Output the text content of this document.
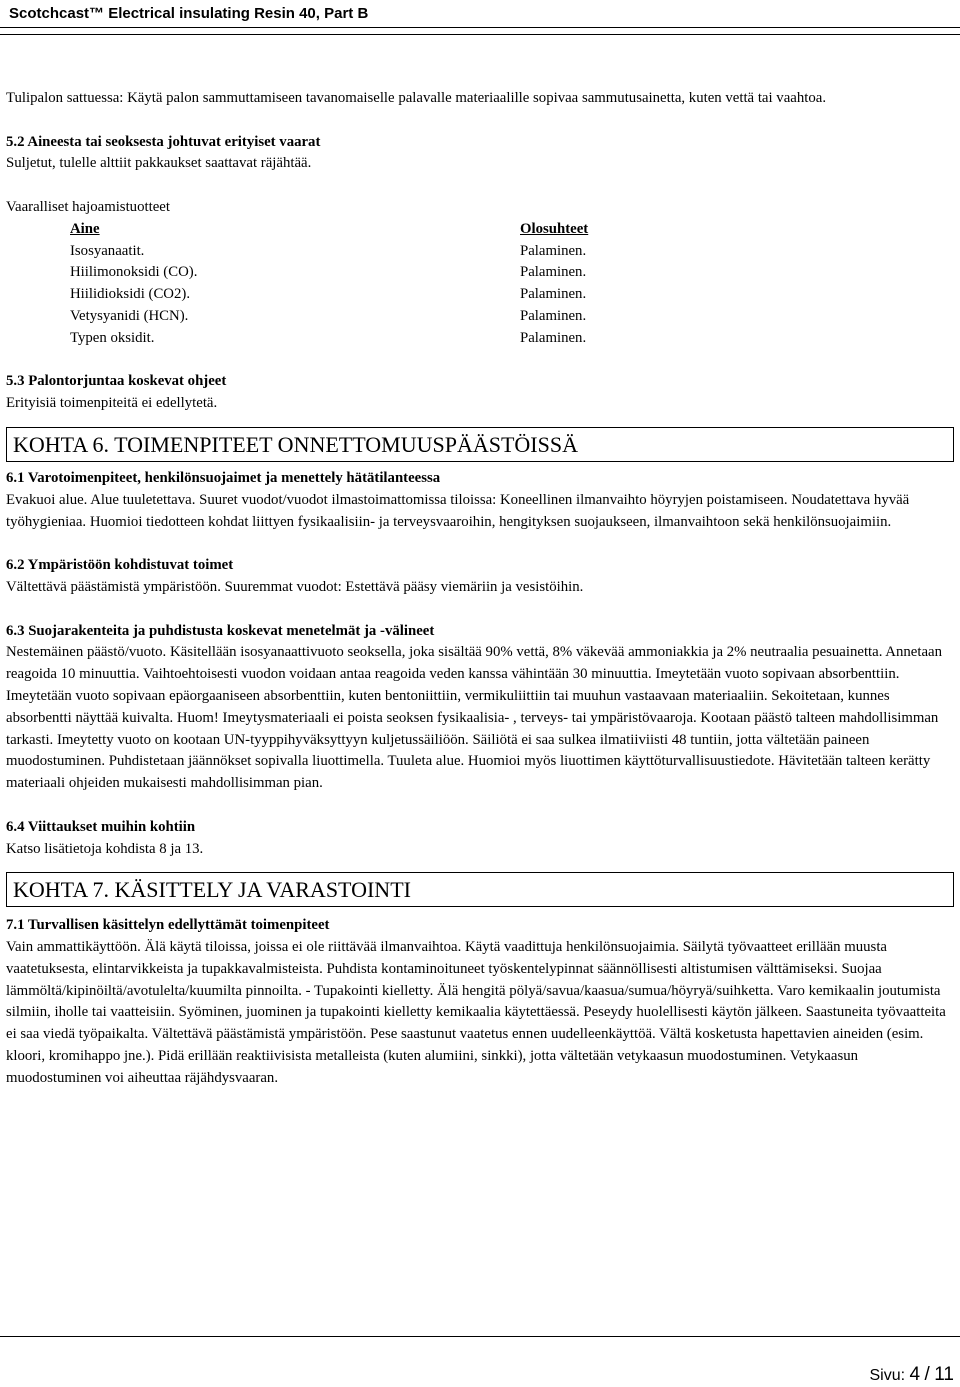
Scotchcast™ Electrical insulating Resin 40, Part B

Tulipalon sattuessa: Käytä palon sammuttamiseen tavanomaiselle palavalle materiaalille sopivaa sammutusainetta, kuten vettä tai vaahtoa.

5.2 Aineesta tai seoksesta johtuvat erityiset vaarat
Suljetut, tulelle alttiit pakkaukset saattavat räjähtää.
Vaaralliset hajoamistuotteet
Aine
Isosyanaatit.
Hiilimonoksidi (CO).
Hiilidioksidi (CO2).
Vetysyanidi (HCN).
Typen oksidit.
Olosuhteet
Palaminen.
Palaminen.
Palaminen.
Palaminen.
Palaminen.
5.3 Palontorjuntaa koskevat ohjeet
Erityisiä toimenpiteitä ei edellytetä.
KOHTA 6. TOIMENPITEET ONNETTOMUUSPÄÄSTÖISSÄ
6.1 Varotoimenpiteet, henkilönsuojaimet ja menettely hätätilanteessa

Evakuoi alue. Alue tuuletettava. Suuret vuodot/vuodot ilmastoimattomissa tiloissa: Koneellinen ilmanvaihto höyryjen poistamiseen. Noudatettava hyvää työhygieniaa. Huomioi tiedotteen kohdat liittyen fysikaalisiin- ja terveysvaaroihin, hengityksen suojaukseen, ilmanvaihtoon sekä henkilönsuojaimiin.

6.2 Ympäristöön kohdistuvat toimet
Vältettävä päästämistä ympäristöön. Suuremmat vuodot: Estettävä pääsy viemäriin ja vesistöihin.
6.3 Suojarakenteita ja puhdistusta koskevat menetelmät ja -välineet

Nestemäinen päästö/vuoto. Käsitellään isosyanaattivuoto seoksella, joka sisältää 90% vettä, 8% väkevää ammoniakkia ja 2% neutraalia pesuainetta. Annetaan reagoida 10 minuuttia. Vaihtoehtoisesti vuodon voidaan antaa reagoida veden kanssa vähintään 30 minuuttia. Imeytetään vuoto sopivaan absorbenttiin. Imeytetään vuoto sopivaan epäorgaaniseen absorbenttiin, kuten bentoniittiin, vermikuliittiin tai muuhun vastaavaan materiaaliin. Sekoitetaan, kunnes absorbentti näyttää kuivalta. Huom! Imeytysmateriaali ei poista seoksen fysikaalisia- , terveys- tai ympäristövaaroja. Kootaan päästö talteen mahdollisimman tarkasti. Imeytetty vuoto on kootaan UN-tyyppihyväksyttyyn kuljetussäiliöön. Säiliötä ei saa sulkea ilmatiiviisti 48 tuntiin, jotta vältetään paineen muodostuminen. Puhdistetaan jäännökset sopivalla liuottimella. Tuuleta alue. Huomioi myös liuottimen käyttöturvallisuustiedote. Hävitetään talteen kerätty materiaali ohjeiden mukaisesti mahdollisimman pian.

6.4 Viittaukset muihin kohtiin
Katso lisätietoja kohdista 8 ja 13.
KOHTA 7. KÄSITTELY JA VARASTOINTI
7.1 Turvallisen käsittelyn edellyttämät toimenpiteet

Vain ammattikäyttöön. Älä käytä tiloissa, joissa ei ole riittävää ilmanvaihtoa. Käytä vaadittuja henkilönsuojaimia. Säilytä työvaatteet erillään muusta vaatetuksesta, elintarvikkeista ja tupakkavalmisteista. Puhdista kontaminoituneet työskentelypinnat säännöllisesti altistumisen välttämiseksi. Suojaa lämmöltä/kipinöiltä/avotulelta/kuumilta pinnoilta. - Tupakointi kielletty. Älä hengitä pölyä/savua/kaasua/sumua/höyryä/suihketta. Varo kemikaalin joutumista silmiin, iholle tai vaatteisiin. Syöminen, juominen ja tupakointi kielletty kemikaalia käytettäessä. Peseydy huolellisesti käytön jälkeen. Saastuneita työvaatteita ei saa viedä työpaikalta. Vältettävä päästämistä ympäristöön. Pese saastunut vaatetus ennen uudelleenkäyttöä. Vältä kosketusta hapettavien aineiden (esim. kloori, kromihappo jne.). Pidä erillään reaktiivisista metalleista (kuten alumiini, sinkki), jotta vältetään vetykaasun muodostuminen. Vetykaasun muodostuminen voi aiheuttaa räjähdysvaaran.

Sivu: 4 / 11
